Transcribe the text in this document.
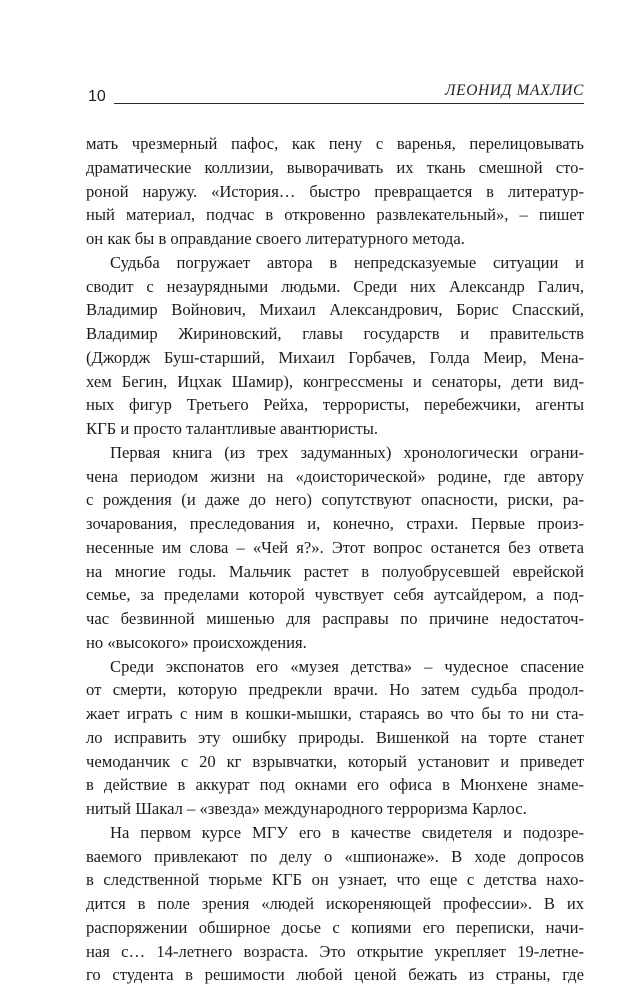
10	ЛЕОНИД МАХЛИС
мать чрезмерный пафос, как пену с варенья, перелицовывать
драматические коллизии, выворачивать их ткань смешной сто-
роной наружу. «История… быстро превращается в литератур-
ный материал, подчас в откровенно развлекательный», – пишет
он как бы в оправдание своего литературного метода.
Судьба погружает автора в непредсказуемые ситуации и
сводит с незаурядными людьми. Среди них Александр Галич,
Владимир Войнович, Михаил Александрович, Борис Спасский,
Владимир Жириновский, главы государств и правительств
(Джордж Буш-старший, Михаил Горбачев, Голда Меир, Мена-
хем Бегин, Ицхак Шамир), конгрессмены и сенаторы, дети вид-
ных фигур Третьего Рейха, террористы, перебежчики, агенты
КГБ и просто талантливые авантюристы.
Первая книга (из трех задуманных) хронологически ограни-
чена периодом жизни на «доисторической» родине, где автору
с рождения (и даже до него) сопутствуют опасности, риски, ра-
зочарования, преследования и, конечно, страхи. Первые произ-
несенные им слова – «Чей я?». Этот вопрос останется без ответа
на многие годы. Мальчик растет в полуобрусевшей еврейской
семье, за пределами которой чувствует себя аутсайдером, а под-
час безвинной мишенью для расправы по причине недостаточ-
но «высокого» происхождения.
Среди экспонатов его «музея детства» – чудесное спасение
от смерти, которую предрекли врачи. Но затем судьба продол-
жает играть с ним в кошки-мышки, стараясь во что бы то ни ста-
ло исправить эту ошибку природы. Вишенкой на торте станет
чемоданчик с 20 кг взрывчатки, который установит и приведет
в действие в аккурат под окнами его офиса в Мюнхене знаме-
нитый Шакал – «звезда» международного терроризма Карлос.
На первом курсе МГУ его в качестве свидетеля и подозре-
ваемого привлекают по делу о «шпионаже». В ходе допросов
в следственной тюрьме КГБ он узнает, что еще с детства нахо-
дится в поле зрения «людей искореняющей профессии». В их
распоряжении обширное досье с копиями его переписки, начи-
ная с… 14-летнего возраста. Это открытие укрепляет 19-летне-
го студента в решимости любой ценой бежать из страны, где
